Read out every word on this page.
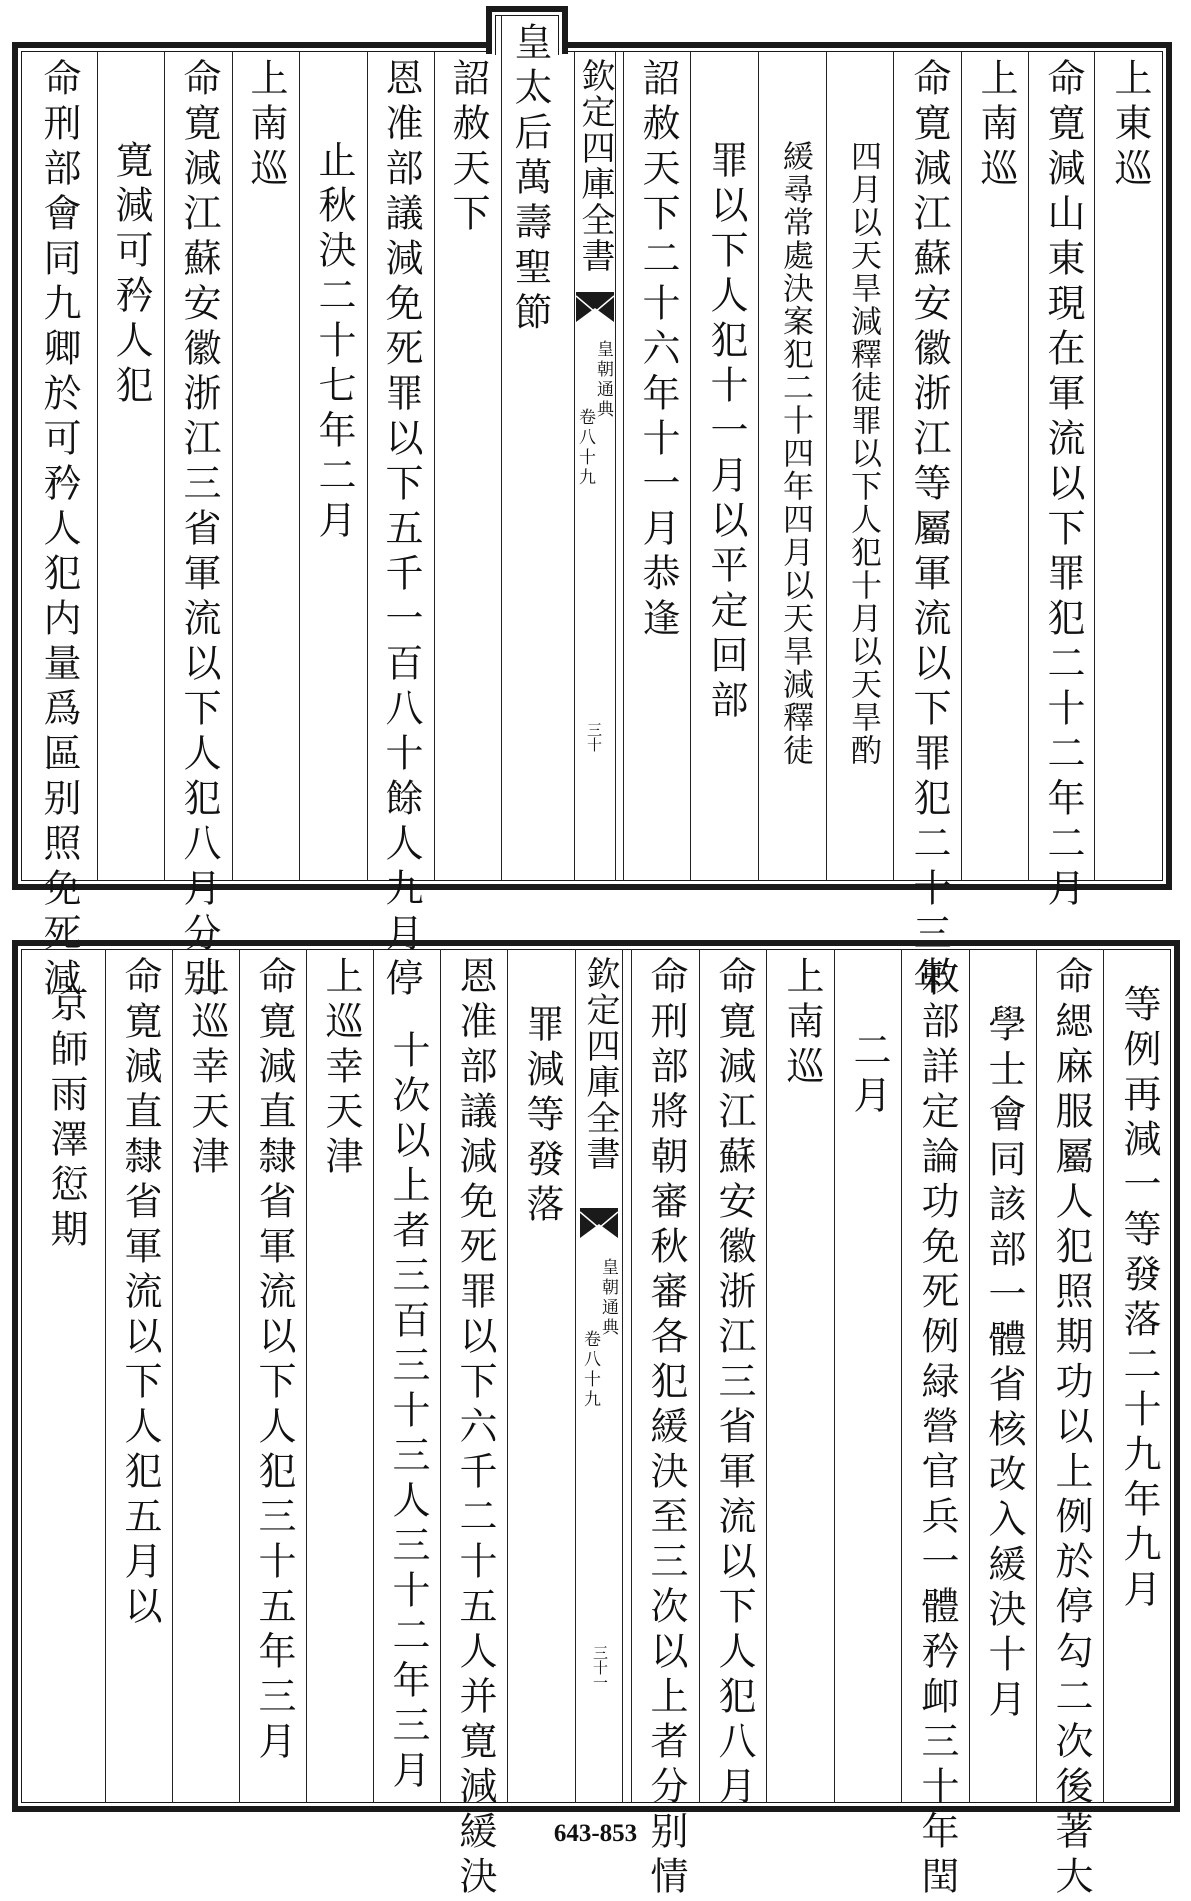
上東巡
命寛減山東現在軍流以下罪犯二十二年二月
上南巡
命寛減江蘇安徽浙江等屬軍流以下罪犯二十三年
四月以天旱減釋徒罪以下人犯十月以天旱酌
緩尋常處決案犯二十四年四月以天旱減釋徒
罪以下人犯十一月以平定回部
詔赦天下二十六年十一月恭逢
欽定四庫全書
皇朝通典
卷八十九
三十
皇太后萬壽聖節
詔赦天下
恩准部議減免死罪以下五千一百八十餘人九月停
止秋決二十七年二月
上南巡
命寛減江蘇安徽浙江三省軍流以下人犯八月分别
寛減可矜人犯
命刑部會同九卿於可矜人犯内量爲區别照免死減
等例再減一等發落二十九年九月
命緦麻服屬人犯照期功以上例於停勾二次後著大
學士會同該部一體省核改入緩決十月
敕部詳定論功免死例緑營官兵一體矜卹三十年閏
二月
上南巡
命寛減江蘇安徽浙江三省軍流以下人犯八月
命刑部將朝審秋審各犯緩決至三次以上者分别情
欽定四庫全書
皇朝通典
卷八十九
三十一
罪減等發落
恩准部議減免死罪以下六千二十五人并寛減緩決
十次以上者三百三十三人三十二年三月
上巡幸天津
命寛減直隸省軍流以下人犯三十五年三月
上巡幸天津
命寛減直隸省軍流以下人犯五月以
京師雨澤愆期
643-853
